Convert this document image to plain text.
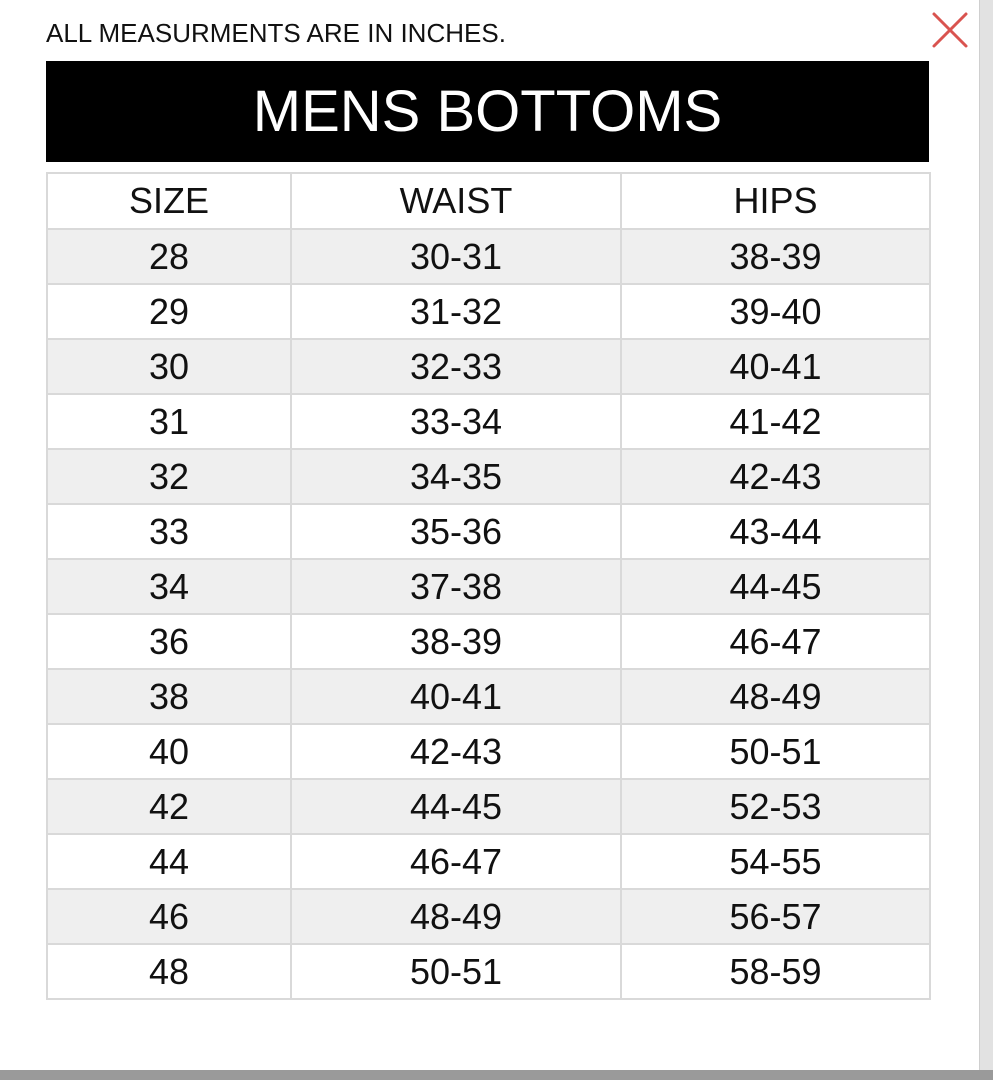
ALL MEASURMENTS ARE IN INCHES.
MENS BOTTOMS
SIZE	WAIST	HIPS
28	30-31	38-39
29	31-32	39-40
30	32-33	40-41
31	33-34	41-42
32	34-35	42-43
33	35-36	43-44
34	37-38	44-45
36	38-39	46-47
38	40-41	48-49
40	42-43	50-51
42	44-45	52-53
44	46-47	54-55
46	48-49	56-57
48	50-51	58-59
